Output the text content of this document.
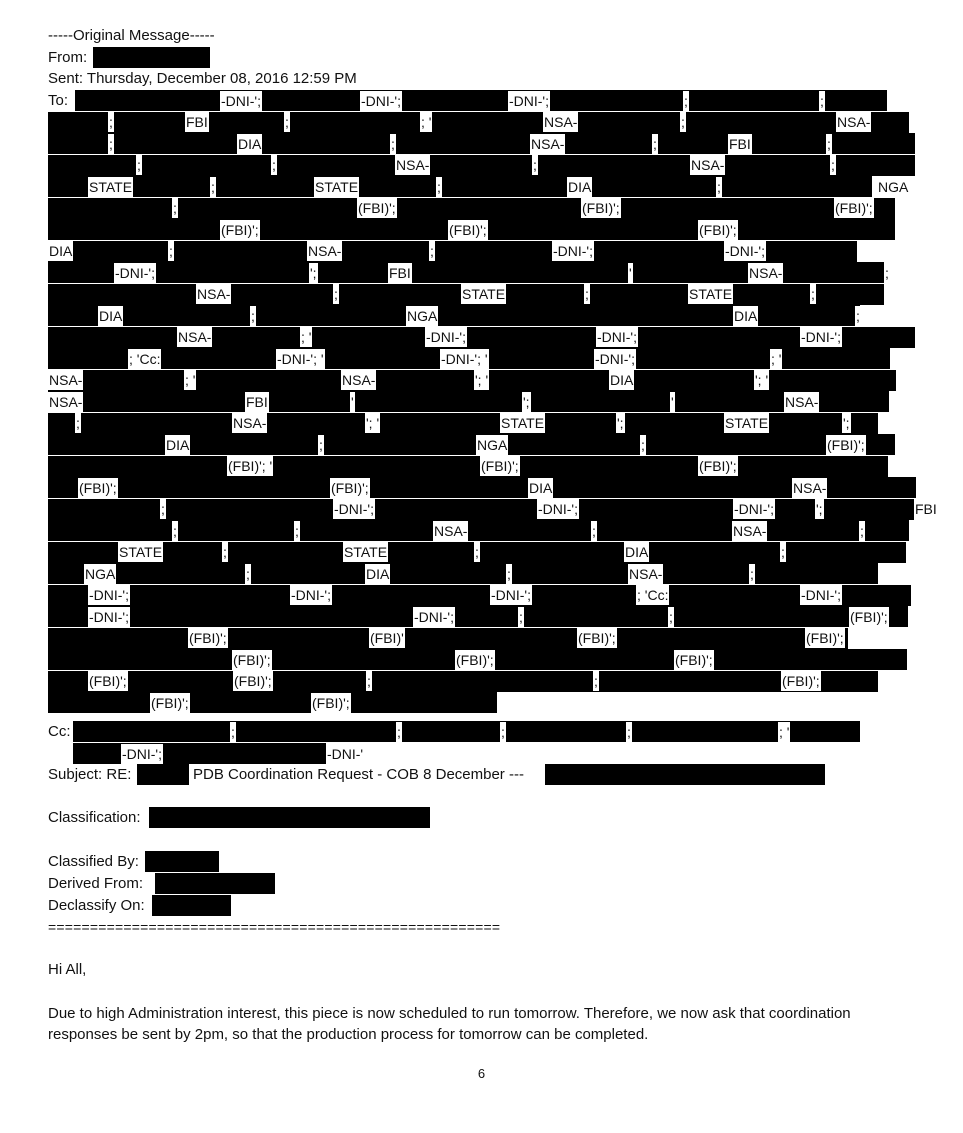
-----Original Message-----
From:
Sent: Thursday, December 08, 2016 12:59 PM
To:	-DNI-';	-DNI-';	-DNI-';	;	;
;	FBI	;	; '	NSA-	;	NSA-
;	DIA	;	NSA-	;	FBI	;
;	;	NSA-	;	NSA-	;
STATE	;	STATE	;	DIA	;	NGA
;	(FBI)';	(FBI)';	(FBI)';
(FBI)';	(FBI)';	(FBI)';
DIA	;	NSA-	;	-DNI-';	-DNI-';
-DNI-';	';	FBI	'	NSA-	;
NSA-	;	STATE	;	STATE	;
DIA	;	NGA	DIA	;
NSA-	; '	-DNI-';	-DNI-';	-DNI-';
; 'Cc:	-DNI-'; '	-DNI-'; '	-DNI-';	; '
NSA-	; '	NSA-	'; '	DIA	'; '
NSA-	FBI	'	';	'	NSA-
;	NSA-	'; '	STATE	';	STATE	';
DIA	;	NGA	;	(FBI)';
(FBI)'; '	(FBI)';	(FBI)';
(FBI)';	(FBI)';	DIA	NSA-
;	-DNI-';	-DNI-';	-DNI-';	';	FBI
;	;	NSA-	;	NSA-	;
STATE	;	STATE	;	DIA	;
NGA	;	DIA	;	NSA-	;
-DNI-';	-DNI-';	-DNI-';	; 'Cc:	-DNI-';
-DNI-';	-DNI-';	;	;	(FBI)';
(FBI)';	(FBI)'	(FBI)';	(FBI)';
(FBI)';	(FBI)';	(FBI)';
(FBI)';	(FBI)';	;	;	(FBI)';
(FBI)';	(FBI)';
Cc:	;	;	;	;	; '
-DNI-';	-DNI-'
Subject: RE:	PDB Coordination Request - COB 8 December ---
Classification:
Classified By:
Derived From:
Declassify On:
======================================================
Hi All,
Due to high Administration interest, this piece is now scheduled to run tomorrow. Therefore, we now ask that coordination responses be sent by 2pm, so that the production process for tomorrow can be completed.
6
